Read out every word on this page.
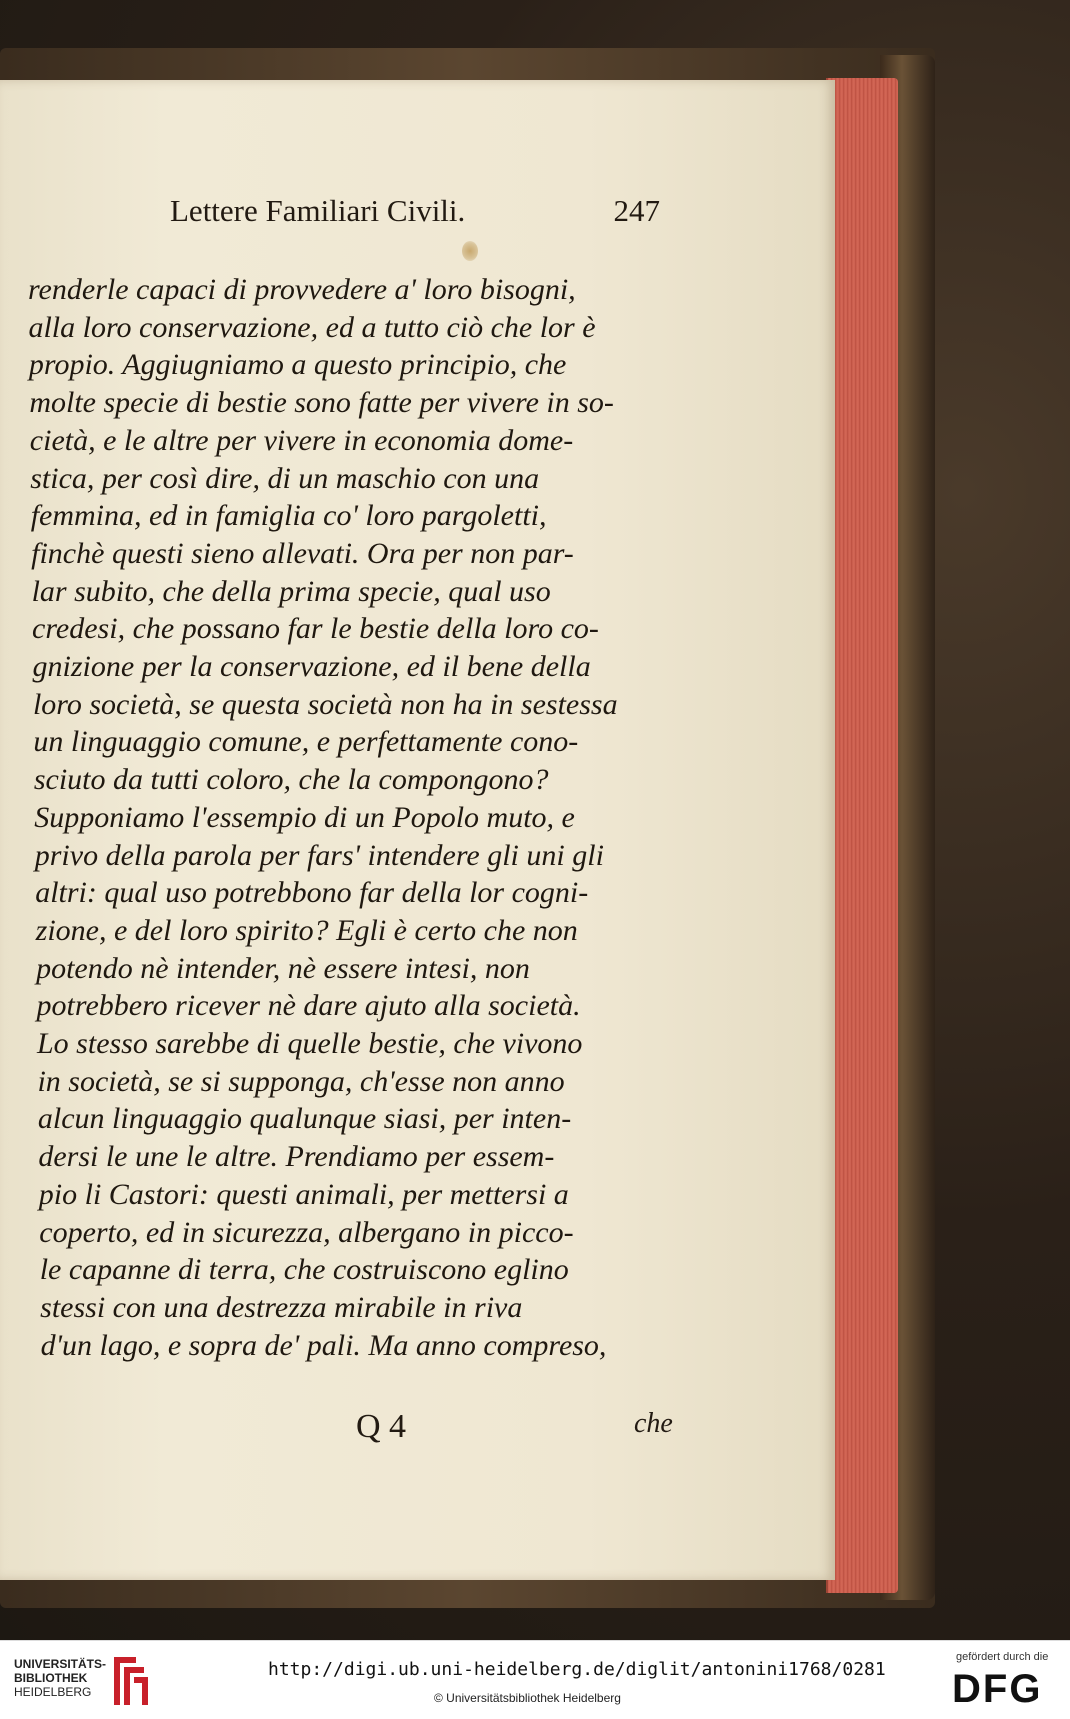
Lettere Familiari Civili.	247
renderle capaci di provvedere a' loro bisogni,
alla loro conservazione, ed a tutto ciò che lor è
propio. Aggiugniamo a questo principio, che
molte specie di bestie sono fatte per vivere in so-
cietà, e le altre per vivere in economia dome-
stica, per così dire, di un maschio con una
femmina, ed in famiglia co' loro pargoletti,
finchè questi sieno allevati. Ora per non par-
lar subito, che della prima specie, qual uso
credesi, che possano far le bestie della loro co-
gnizione per la conservazione, ed il bene della
loro società, se questa società non ha in sestessa
un linguaggio comune, e perfettamente cono-
sciuto da tutti coloro, che la compongono?
Supponiamo l'essempio di un Popolo muto, e
privo della parola per fars' intendere gli uni gli
altri: qual uso potrebbono far della lor cogni-
zione, e del loro spirito? Egli è certo che non
potendo nè intender, nè essere intesi, non
potrebbero ricever nè dare ajuto alla società.
Lo stesso sarebbe di quelle bestie, che vivono
in società, se si supponga, ch'esse non anno
alcun linguaggio qualunque siasi, per inten-
dersi le une le altre. Prendiamo per essem-
pio li Castori: questi animali, per mettersi a
coperto, ed in sicurezza, albergano in picco-
le capanne di terra, che costruiscono eglino
stessi con una destrezza mirabile in riva
d'un lago, e sopra de' pali. Ma anno compreso,
Q 4	che
UNIVERSITÄTS-
BIBLIOTHEK
HEIDELBERG
http://digi.ub.uni-heidelberg.de/diglit/antonini1768/0281
© Universitätsbibliothek Heidelberg
gefördert durch die
DFG
